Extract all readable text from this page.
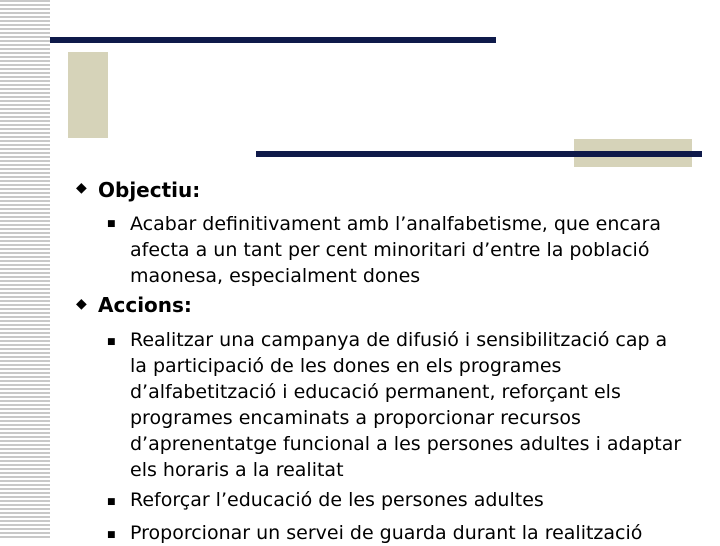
◆ Objectiu:
■ Acabar definitivament amb l’analfabetisme, que encara afecta a un tant per cent minoritari d’entre la població maonesa, especialment dones
◆ Accions:
■ Realitzar una campanya de difusió i sensibilització cap a la participació de les dones en els programes d’alfabetització i educació permanent, reforçant els programes encaminats a proporcionar recursos d’aprenentatge funcional a les persones adultes i adaptar els horaris a la realitat
■ Reforçar l’educació de les persones adultes
■ Proporcionar un servei de guarda durant la realització
